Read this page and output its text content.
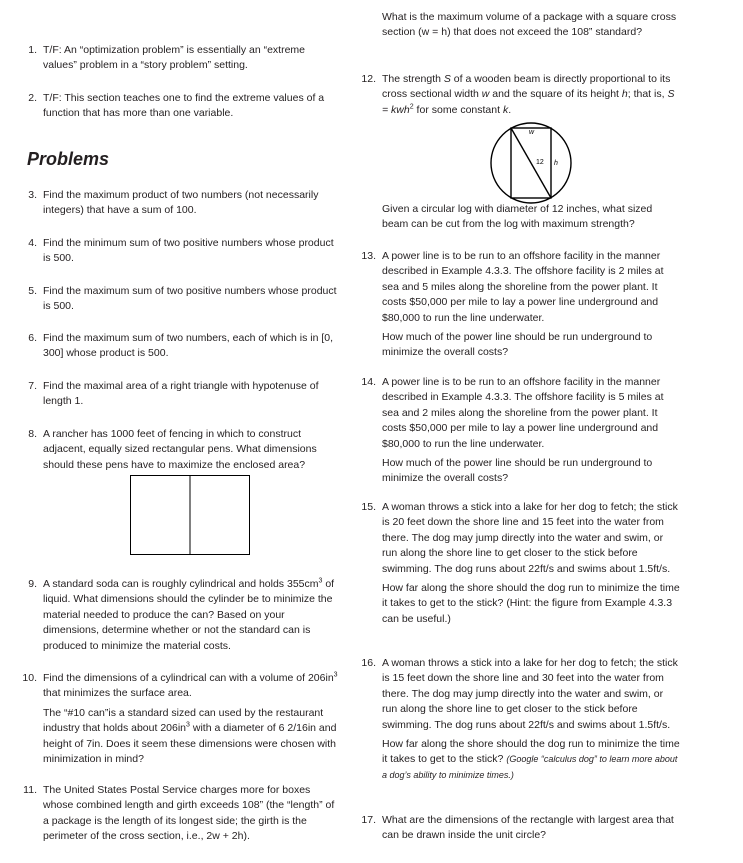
1. T/F: An “optimization problem” is essentially an “extreme values” problem in a “story problem” setting.
2. T/F: This section teaches one to find the extreme values of a function that has more than one variable.
Problems
3. Find the maximum product of two numbers (not necessarily integers) that have a sum of 100.
4. Find the minimum sum of two positive numbers whose product is 500.
5. Find the maximum sum of two positive numbers whose product is 500.
6. Find the maximum sum of two numbers, each of which is in [0, 300] whose product is 500.
7. Find the maximal area of a right triangle with hypotenuse of length 1.
8. A rancher has 1000 feet of fencing in which to construct adjacent, equally sized rectangular pens. What dimensions should these pens have to maximize the enclosed area?
9. A standard soda can is roughly cylindrical and holds $355cm^3$ of liquid. What dimensions should the cylinder be to minimize the material needed to produce the can? Based on your dimensions, determine whether or not the standard can is produced to minimize the material costs.
10. Find the dimensions of a cylindrical can with a volume of $206in^3$ that minimizes the surface area.

The “#10 can”is a standard sized can used by the restaurant industry that holds about $206in^3$ with a diameter of 6 2/16in and height of 7in. Does it seem these dimensions were chosen with minimization in mind?

11. The United States Postal Service charges more for boxes whose combined length and girth exceeds 108” (the “length” of a package is the length of its longest side; the girth is the perimeter of the cross section, i.e., 2w + 2h).
What is the maximum volume of a package with a square cross section (w = h) that does not exceed the 108” standard?
12. The strength S of a wooden beam is directly proportional to its cross sectional width w and the square of its height h; that is, S = kwh$^2$ for some constant k.
w
12 h
Given a circular log with diameter of 12 inches, what sized beam can be cut from the log with maximum strength?
13. A power line is to be run to an offshore facility in the manner described in Example 4.3.3. The offshore facility is 2 miles at sea and 5 miles along the shoreline from the power plant. It costs $50,000 per mile to lay a power line underground and $80,000 to run the line underwater.

How much of the power line should be run underground to minimize the overall costs?

14. A power line is to be run to an offshore facility in the manner described in Example 4.3.3. The offshore facility is 5 miles at sea and 2 miles along the shoreline from the power plant. It costs $50,000 per mile to lay a power line underground and $80,000 to run the line underwater.

How much of the power line should be run underground to minimize the overall costs?

15. A woman throws a stick into a lake for her dog to fetch; the stick is 20 feet down the shore line and 15 feet into the water from there. The dog may jump directly into the water and swim, or run along the shore line to get closer to the stick before swimming. The dog runs about 22ft/s and swims about 1.5ft/s.

How far along the shore should the dog run to minimize the time it takes to get to the stick? (Hint: the figure from Example 4.3.3 can be useful.)

16. A woman throws a stick into a lake for her dog to fetch; the stick is 15 feet down the shore line and 30 feet into the water from there. The dog may jump directly into the water and swim, or run along the shore line to get closer to the stick before swimming. The dog runs about 22ft/s and swims about 1.5ft/s.

How far along the shore should the dog run to minimize the time it takes to get to the stick? (Google “calculus dog” to learn more about a dog’s ability to minimize times.)

17. What are the dimensions of the rectangle with largest area that can be drawn inside the unit circle?
